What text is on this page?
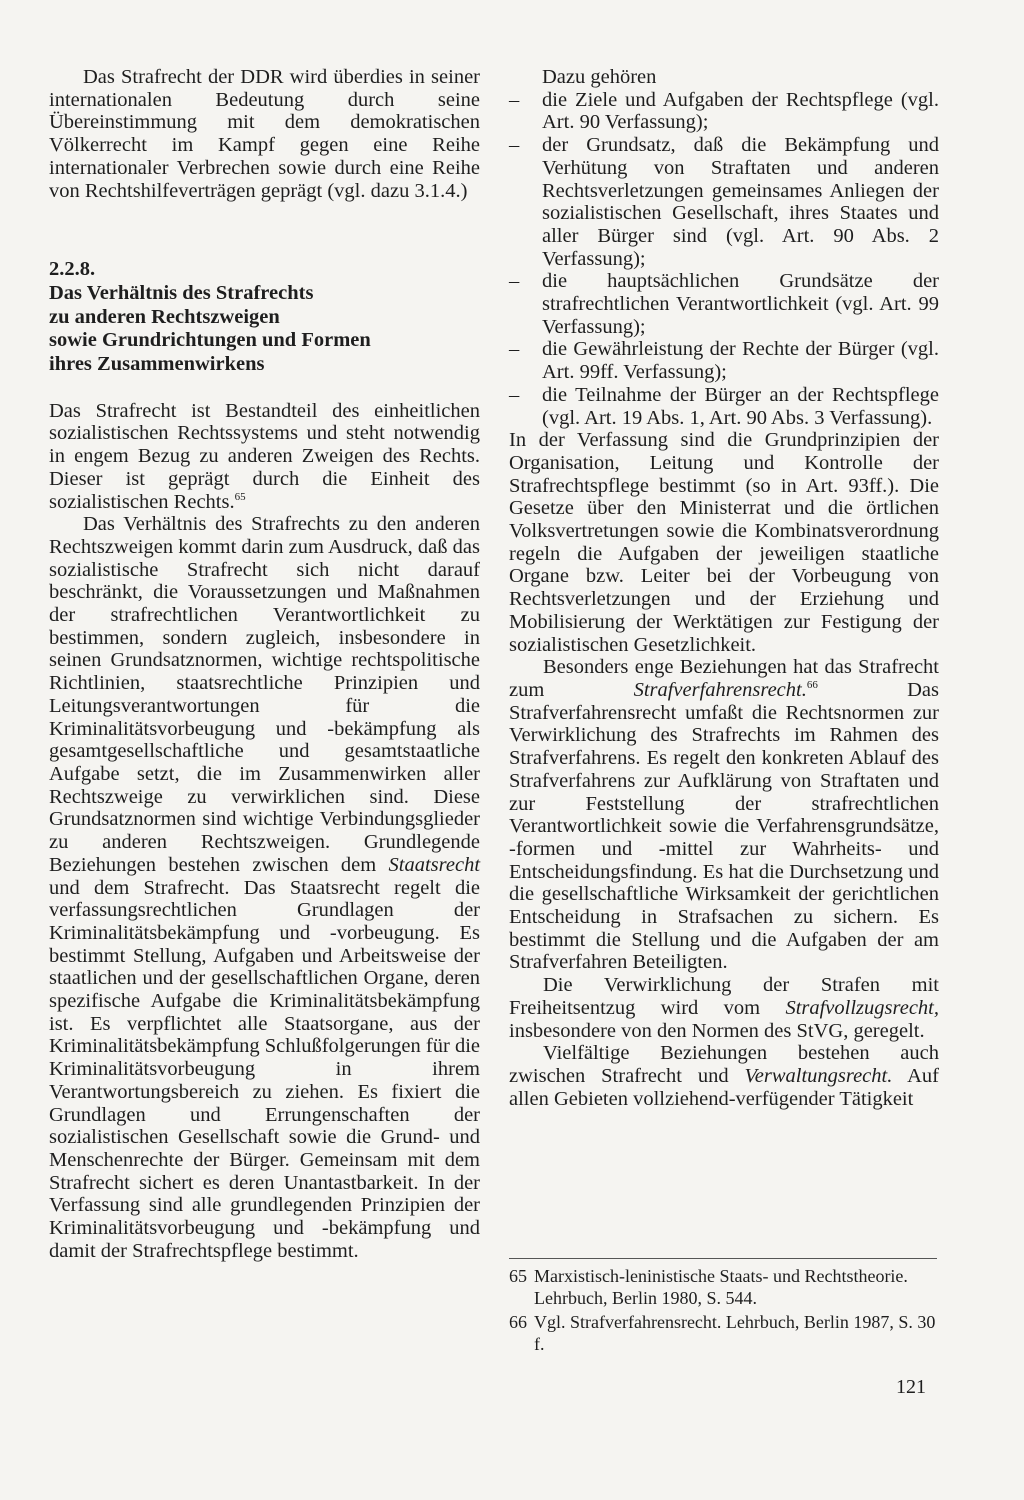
Das Strafrecht der DDR wird überdies in seiner internationalen Bedeutung durch seine Übereinstimmung mit dem demokratischen Völkerrecht im Kampf gegen eine Reihe internationaler Verbrechen sowie durch eine Reihe von Rechtshilfeverträgen geprägt (vgl. dazu 3.1.4.)

2.2.8.
Das Verhältnis des Strafrechts
zu anderen Rechtszweigen
sowie Grundrichtungen und Formen
ihres Zusammenwirkens

Das Strafrecht ist Bestandteil des einheitlichen sozialistischen Rechtssystems und steht notwendig in engem Bezug zu anderen Zweigen des Rechts. Dieser ist geprägt durch die Einheit des sozialistischen Rechts.$^{65}$

Das Verhältnis des Strafrechts zu den anderen Rechtszweigen kommt darin zum Ausdruck, daß das sozialistische Strafrecht sich nicht darauf beschränkt, die Voraussetzungen und Maßnahmen der strafrechtlichen Verantwortlichkeit zu bestimmen, sondern zugleich, insbesondere in seinen Grundsatznormen, wichtige rechtspolitische Richtlinien, staatsrechtliche Prinzipien und Leitungsverantwortungen für die Kriminalitätsvorbeugung und -bekämpfung als gesamtgesellschaftliche und gesamtstaatliche Aufgabe setzt, die im Zusammenwirken aller Rechtszweige zu verwirklichen sind. Diese Grundsatznormen sind wichtige Verbindungsglieder zu anderen Rechtszweigen. Grundlegende Beziehungen bestehen zwischen dem Staatsrecht und dem Strafrecht. Das Staatsrecht regelt die verfassungsrechtlichen Grundlagen der Kriminalitätsbekämpfung und -vorbeugung. Es bestimmt Stellung, Aufgaben und Arbeitsweise der staatlichen und der gesellschaftlichen Organe, deren spezifische Aufgabe die Kriminalitätsbekämpfung ist. Es verpflichtet alle Staatsorgane, aus der Kriminalitätsbekämpfung Schlußfolgerungen für die Kriminalitätsvorbeugung in ihrem Verantwortungsbereich zu ziehen. Es fixiert die Grundlagen und Errungenschaften der sozialistischen Gesellschaft sowie die Grund- und Menschenrechte der Bürger. Gemeinsam mit dem Strafrecht sichert es deren Unantastbarkeit. In der Verfassung sind alle grundlegenden Prinzipien der Kriminalitätsvorbeugung und -bekämpfung und damit der Strafrechtspflege bestimmt.

Dazu gehören

– die Ziele und Aufgaben der Rechtspflege (vgl. Art. 90 Verfassung);
– der Grundsatz, daß die Bekämpfung und Verhütung von Straftaten und anderen Rechtsverletzungen gemeinsames Anliegen der sozialistischen Gesellschaft, ihres Staates und aller Bürger sind (vgl. Art. 90 Abs. 2 Verfassung);
– die hauptsächlichen Grundsätze der strafrechtlichen Verantwortlichkeit (vgl. Art. 99 Verfassung);
– die Gewährleistung der Rechte der Bürger (vgl. Art. 99ff. Verfassung);
– die Teilnahme der Bürger an der Rechtspflege (vgl. Art. 19 Abs. 1, Art. 90 Abs. 3 Verfassung).

In der Verfassung sind die Grundprinzipien der Organisation, Leitung und Kontrolle der Strafrechtspflege bestimmt (so in Art. 93ff.). Die Gesetze über den Ministerrat und die örtlichen Volksvertretungen sowie die Kombinatsverordnung regeln die Aufgaben der jeweiligen staatliche Organe bzw. Leiter bei der Vorbeugung von Rechtsverletzungen und der Erziehung und Mobilisierung der Werktätigen zur Festigung der sozialistischen Gesetzlichkeit.

Besonders enge Beziehungen hat das Strafrecht zum	Strafverfahrensrecht.$^{66}$	Das Strafverfahrensrecht umfaßt die Rechtsnormen zur Verwirklichung des Strafrechts im Rahmen des Strafverfahrens. Es regelt den konkreten Ablauf des Strafverfahrens zur Aufklärung von Straftaten und zur Feststellung der strafrechtlichen Verantwortlichkeit sowie die Verfahrensgrundsätze, -formen und -mittel zur Wahrheits- und Entscheidungsfindung. Es hat die Durchsetzung und die gesellschaftliche Wirksamkeit der gerichtlichen Entscheidung in Strafsachen zu sichern. Es bestimmt die Stellung und die Aufgaben der am Strafverfahren Beteiligten.

Die Verwirklichung der Strafen mit Freiheitsentzug wird vom Strafvollzugsrecht, insbesondere von den Normen des StVG, geregelt.

Vielfältige Beziehungen bestehen auch zwischen Strafrecht und Verwaltungsrecht. Auf allen Gebieten vollziehend-verfügender Tätigkeit

65 Marxistisch-leninistische Staats- und Rechtstheorie. Lehrbuch, Berlin 1980, S. 544.
66 Vgl. Strafverfahrensrecht. Lehrbuch, Berlin 1987, S. 30 f.
121
